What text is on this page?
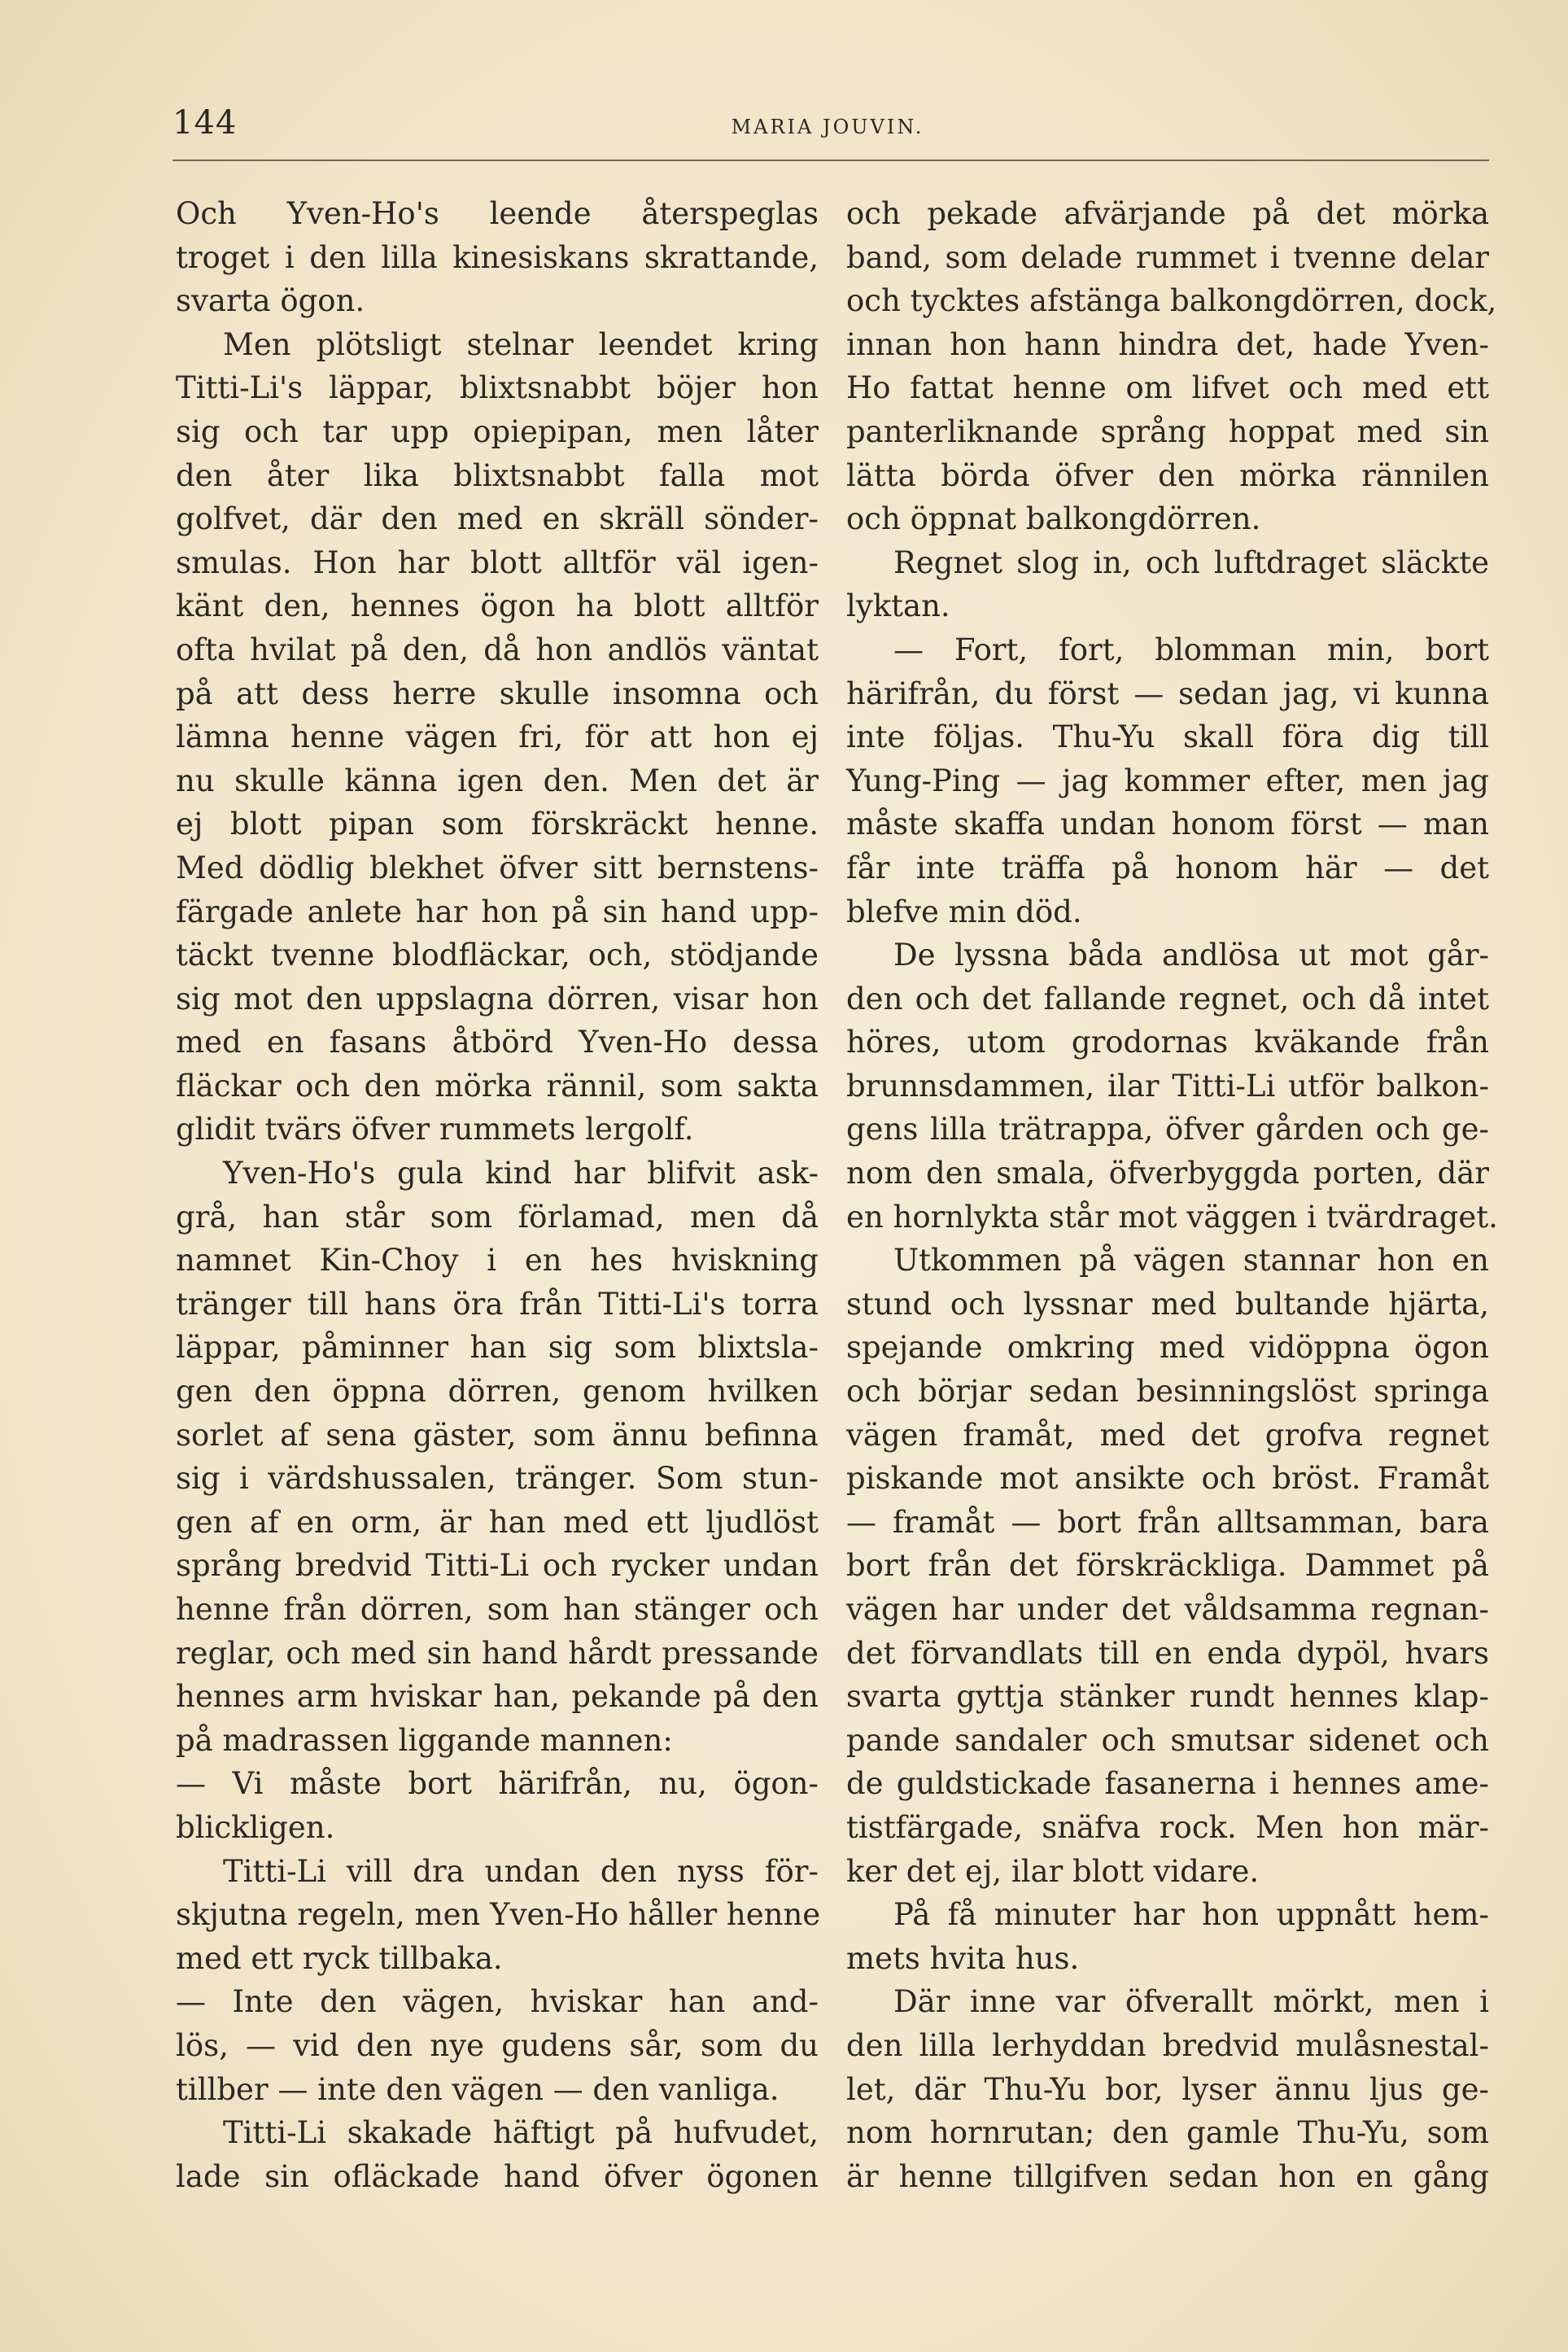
144	MARIA JOUVIN.
Och Yven-Ho's leende återspeglas
troget i den lilla kinesiskans skrattande,
svarta ögon.
Men plötsligt stelnar leendet kring
Titti-Li's läppar, blixtsnabbt böjer hon
sig och tar upp opiepipan, men låter
den åter lika blixtsnabbt falla mot
golfvet, där den med en skräll sönder-
smulas. Hon har blott alltför väl igen-
känt den, hennes ögon ha blott alltför
ofta hvilat på den, då hon andlös väntat
på att dess herre skulle insomna och
lämna henne vägen fri, för att hon ej
nu skulle känna igen den. Men det är
ej blott pipan som förskräckt henne.
Med dödlig blekhet öfver sitt bernstens-
färgade anlete har hon på sin hand upp-
täckt tvenne blodfläckar, och, stödjande
sig mot den uppslagna dörren, visar hon
med en fasans åtbörd Yven-Ho dessa
fläckar och den mörka rännil, som sakta
glidit tvärs öfver rummets lergolf.
Yven-Ho's gula kind har blifvit ask-
grå, han står som förlamad, men då
namnet Kin-Choy i en hes hviskning
tränger till hans öra från Titti-Li's torra
läppar, påminner han sig som blixtsla-
gen den öppna dörren, genom hvilken
sorlet af sena gäster, som ännu befinna
sig i värdshussalen, tränger. Som stun-
gen af en orm, är han med ett ljudlöst
språng bredvid Titti-Li och rycker undan
henne från dörren, som han stänger och
reglar, och med sin hand hårdt pressande
hennes arm hviskar han, pekande på den
på madrassen liggande mannen:
— Vi måste bort härifrån, nu, ögon-
blickligen.
Titti-Li vill dra undan den nyss för-
skjutna regeln, men Yven-Ho håller henne
med ett ryck tillbaka.
— Inte den vägen, hviskar han and-
lös, — vid den nye gudens sår, som du
tillber — inte den vägen — den vanliga.
Titti-Li skakade häftigt på hufvudet,
lade sin ofläckade hand öfver ögonen
och pekade afvärjande på det mörka
band, som delade rummet i tvenne delar
och tycktes afstänga balkongdörren, dock,
innan hon hann hindra det, hade Yven-
Ho fattat henne om lifvet och med ett
panterliknande språng hoppat med sin
lätta börda öfver den mörka rännilen
och öppnat balkongdörren.
Regnet slog in, och luftdraget släckte
lyktan.
— Fort, fort, blomman min, bort
härifrån, du först — sedan jag, vi kunna
inte följas. Thu-Yu skall föra dig till
Yung-Ping — jag kommer efter, men jag
måste skaffa undan honom först — man
får inte träffa på honom här — det
blefve min död.
De lyssna båda andlösa ut mot går-
den och det fallande regnet, och då intet
höres, utom grodornas kväkande från
brunnsdammen, ilar Titti-Li utför balkon-
gens lilla trätrappa, öfver gården och ge-
nom den smala, öfverbyggda porten, där
en hornlykta står mot väggen i tvärdraget.
Utkommen på vägen stannar hon en
stund och lyssnar med bultande hjärta,
spejande omkring med vidöppna ögon
och börjar sedan besinningslöst springa
vägen framåt, med det grofva regnet
piskande mot ansikte och bröst. Framåt
— framåt — bort från alltsamman, bara
bort från det förskräckliga. Dammet på
vägen har under det våldsamma regnan-
det förvandlats till en enda dypöl, hvars
svarta gyttja stänker rundt hennes klap-
pande sandaler och smutsar sidenet och
de guldstickade fasanerna i hennes ame-
tistfärgade, snäfva rock. Men hon mär-
ker det ej, ilar blott vidare.
På få minuter har hon uppnått hem-
mets hvita hus.
Där inne var öfverallt mörkt, men i
den lilla lerhyddan bredvid mulåsnestal-
let, där Thu-Yu bor, lyser ännu ljus ge-
nom hornrutan; den gamle Thu-Yu, som
är henne tillgifven sedan hon en gång
